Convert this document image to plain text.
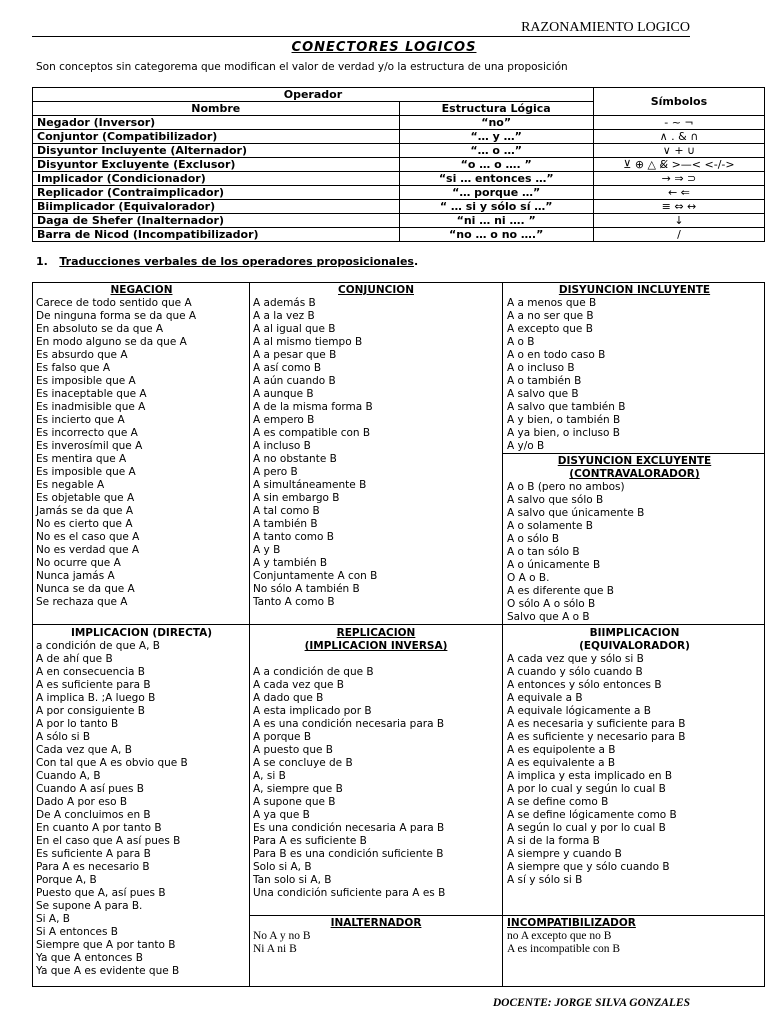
RAZONAMIENTO LOGICO
CONECTORES LOGICOS
Son conceptos sin categorema que modifican el valor de verdad y/o la estructura de una proposición
Operador		Símbolos
Nombre	Estructura Lógica	
Negador (Inversor)	“no”	- ~ ¬
Conjuntor (Compatibilizador)	“… y …”	∧ . & ∩
Disyuntor Incluyente (Alternador)	“… o …”	∨ + ∪
Disyuntor Excluyente (Exclusor)	“o … o …. ”	⊻ ⊕ △ &̸ >—< <-/->
Implicador (Condicionador)	“si … entonces …”	→ ⇒ ⊃
Replicador (Contraimplicador)	“… porque …”	← ⇐
Biimplicador (Equivalorador)	“ … si y sólo sí …”	≡ ⇔ ↔
Daga de Shefer (Inalternador)	“ni … ni …. ”	↓
Barra de Nicod (Incompatibilizador)	“no … o no ….”	/
1. Traducciones verbales de los operadores proposicionales.
NEGACION
Carece de todo sentido que A
De ninguna forma se da que A
En absoluto se da que A
En modo alguno se da que A
Es absurdo que A
Es falso que A
Es imposible que A
Es inaceptable que A
Es inadmisible que A
Es incierto que A
Es incorrecto que A
Es inverosímil que A
Es mentira que A
Es imposible que A
Es negable A
Es objetable que A
Jamás se da que A
No es cierto que A
No es el caso que A
No es verdad que A
No ocurre que A
Nunca jamás A
Nunca se da que A
Se rechaza que A
CONJUNCION
A además B
A a la vez B
A al igual que B
A al mismo tiempo B
A a pesar que B
A así como B
A aún cuando B
A aunque B
A de la misma forma B
A empero B
A es compatible con B
A incluso B
A no obstante B
A pero B
A simultáneamente B
A sin embargo B
A tal como B
A también B
A tanto como B
A y B
A y también B
Conjuntamente A con B
No sólo A también B
Tanto A como B
DISYUNCION INCLUYENTE
A a menos que B
A a no ser que B
A excepto que B
A o B
A o en todo caso B
A o incluso B
A o también B
A salvo que B
A salvo que también B
A y bien, o también B
A ya bien, o incluso B
A y/o B
DISYUNCION EXCLUYENTE
(CONTRAVALORADOR)
A o B (pero no ambos)
A salvo que sólo B
A salvo que únicamente B
A o solamente B
A o sólo B
A o tan sólo B
A o únicamente B
O A o B.
A es diferente que B
O sólo A o sólo B
Salvo que A o B
IMPLICACION (DIRECTA)
a condición de que A, B
A de ahí que B
A en consecuencia B
A es suficiente para B
A implica B. ;A luego B
A por consiguiente B
A por lo tanto B
A sólo si B
Cada vez que A, B
Con tal que A es obvio que B
Cuando A, B
Cuando A así pues B
Dado A por eso B
De A concluimos en B
En cuanto A por tanto B
En el caso que A así pues B
Es suficiente A para B
Para A es necesario B
Porque A, B
Puesto que A, así pues B
Se supone A para B.
Si A, B
Si A entonces B
Siempre que A por tanto B
Ya que A entonces B
Ya que A es evidente que B
REPLICACION
(IMPLICACION INVERSA)
A a condición de que B
A cada vez que B
A dado que B
A esta implicado por B
A es una condición necesaria para B
A porque B
A puesto que B
A se concluye de B
A, si B
A, siempre que B
A supone que B
A ya que B
Es una condición necesaria A para B
Para A es suficiente B
Para B es una condición suficiente B
Solo si A, B
Tan solo si A, B
Una condición suficiente para A es B
BIIMPLICACION
(EQUIVALORADOR)
A cada vez que y sólo si B
A cuando y sólo cuando B
A entonces y sólo entonces B
A equivale a B
A equivale lógicamente a B
A es necesaria y suficiente para B
A es suficiente y necesario para B
A es equipolente a B
A es equivalente a B
A implica y esta implicado en B
A por lo cual y según lo cual B
A se define como B
A se define lógicamente como B
A según lo cual y por lo cual B
A si de la forma B
A siempre y cuando B
A siempre que y sólo cuando B
A sí y sólo si B
INALTERNADOR
No A y no B
Ni A ni B
INCOMPATIBILIZADOR
no A excepto que no B
A es incompatible con B
DOCENTE: JORGE SILVA GONZALES
